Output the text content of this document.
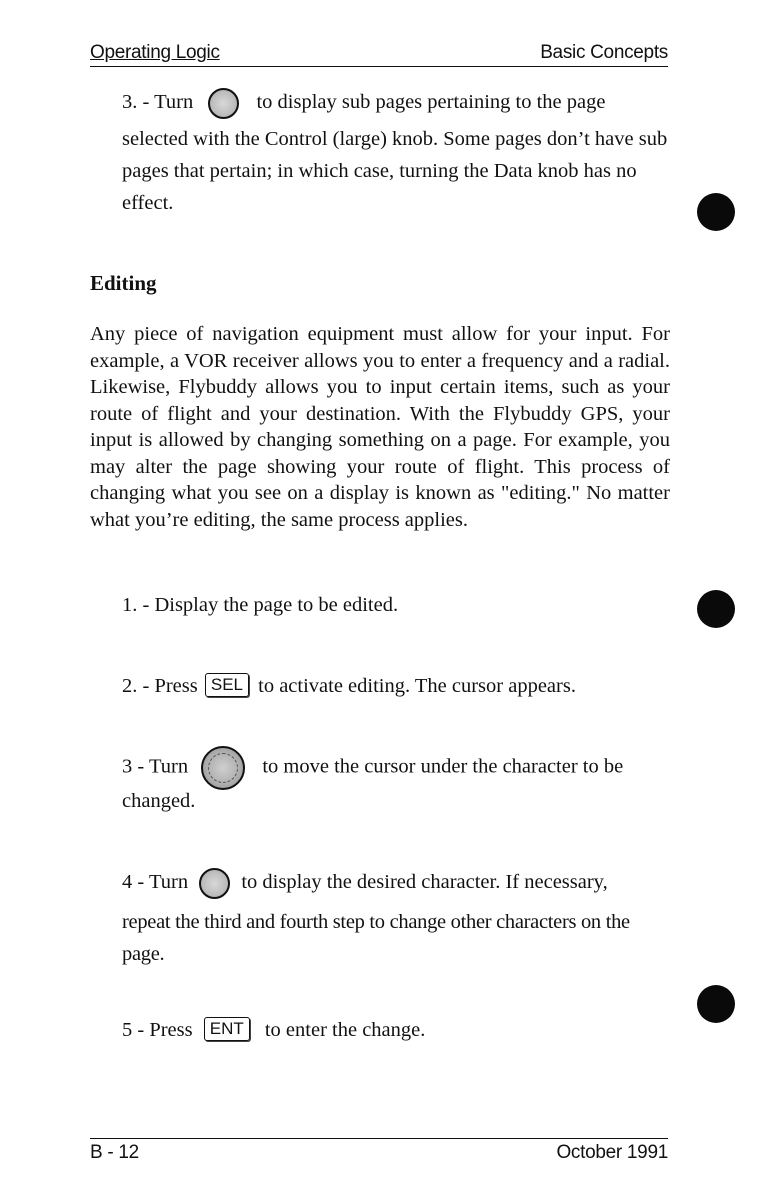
Operating Logic	Basic Concepts
3. - Turn	to display sub pages pertaining to the page
selected with the Control (large) knob. Some pages don’t have sub pages that pertain; in which case, turning the Data knob has no effect.
Editing
Any piece of navigation equipment must allow for your input. For example, a VOR receiver allows you to enter a frequency and a radial. Likewise, Flybuddy allows you to input certain items, such as your route of flight and your destination. With the Flybuddy GPS, your input is allowed by changing something on a page. For example, you may alter the page showing your route of flight. This process of changing what you see on a display is known as "editing." No matter what you’re editing, the same process applies.
1. - Display the page to be edited.
2. - Press SEL to activate editing. The cursor appears.
3 - Turn	to move the cursor under the character to be
changed.
4 - Turn	to display the desired character. If necessary,
repeat the third and fourth step to change other characters on the page.
5 - Press ENT to enter the change.
B - 12	October 1991
